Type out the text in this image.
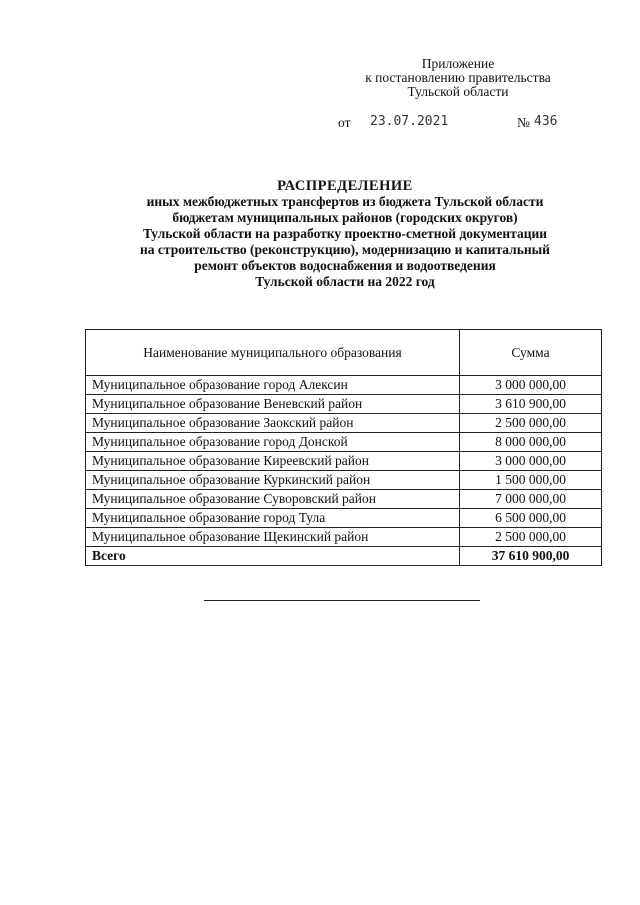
Приложение
к постановлению правительства
Тульской области
от 23.07.2021	№ 436
РАСПРЕДЕЛЕНИЕ
иных межбюджетных трансфертов из бюджета Тульской области
бюджетам муниципальных районов (городских округов)
Тульской области на разработку проектно-сметной документации
на строительство (реконструкцию), модернизацию и капитальный
ремонт объектов водоснабжения и водоотведения
Тульской области на 2022 год
Наименование муниципального образования	Сумма
Муниципальное образование город Алексин	3 000 000,00
Муниципальное образование Веневский район	3 610 900,00
Муниципальное образование Заокский район	2 500 000,00
Муниципальное образование город Донской	8 000 000,00
Муниципальное образование Киреевский район	3 000 000,00
Муниципальное образование Куркинский район	1 500 000,00
Муниципальное образование Суворовский район	7 000 000,00
Муниципальное образование город Тула	6 500 000,00
Муниципальное образование Щекинский район	2 500 000,00
Всего	37 610 900,00
